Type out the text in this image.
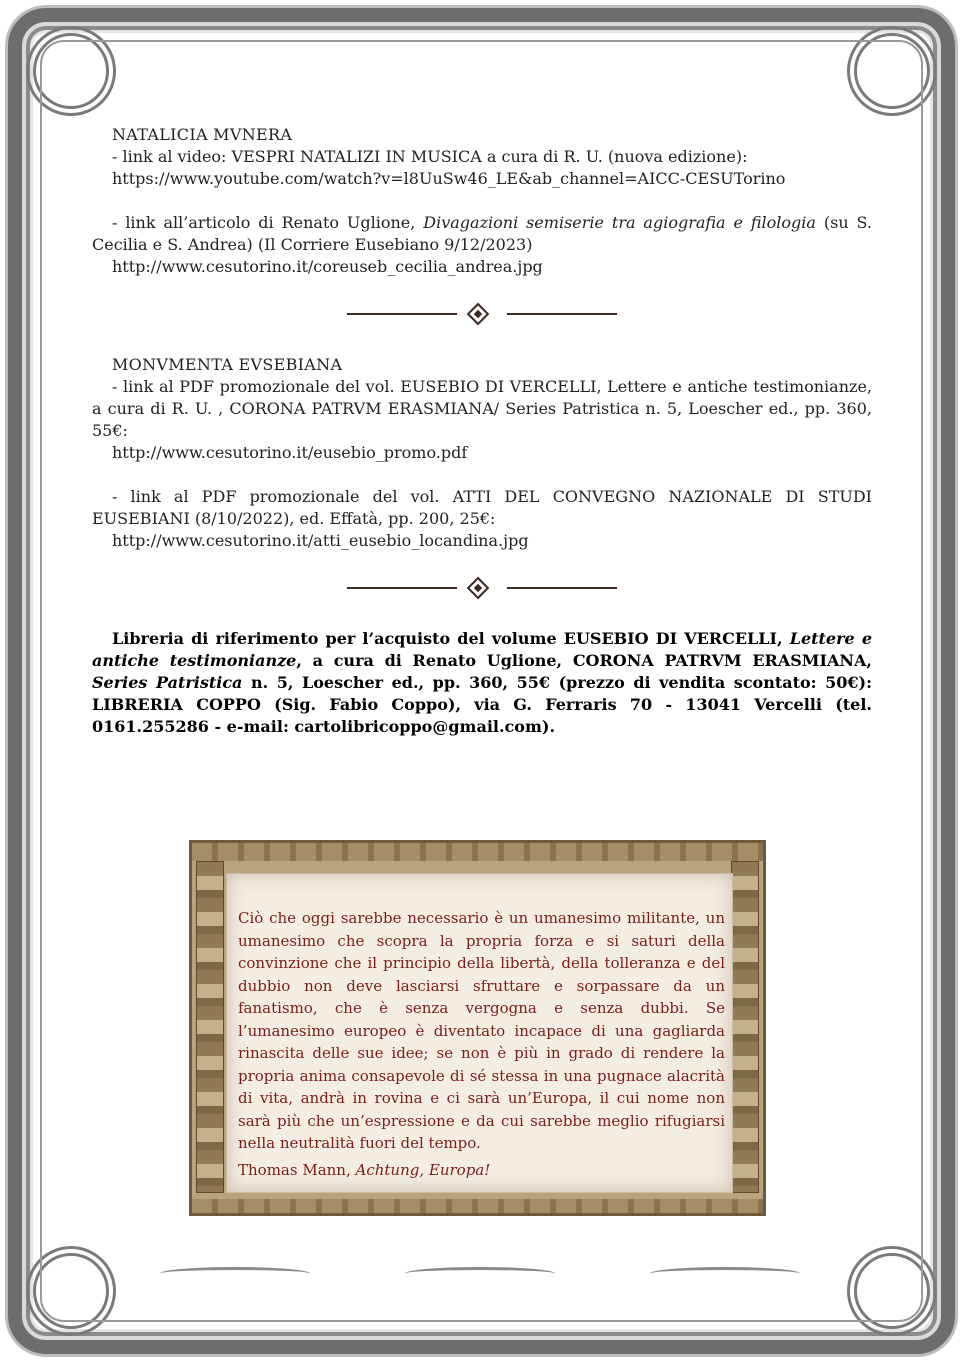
NATALICIA MVNERA

- link al video: VESPRI NATALIZI IN MUSICA a cura di R. U. (nuova edizione):

https://www.youtube.com/watch?v=l8UuSw46_LE&ab_channel=AICC-CESUTorino

- link all’articolo di Renato Uglione, Divagazioni semiserie tra agiografia e filologia (su S. Cecilia e S. Andrea) (Il Corriere Eusebiano 9/12/2023)

http://www.cesutorino.it/coreuseb_cecilia_andrea.jpg

MONVMENTA EVSEBIANA

- link al PDF promozionale del vol. EUSEBIO DI VERCELLI, Lettere e antiche testimonianze, a cura di R. U. , CORONA PATRVM ERASMIANA/ Series Patristica n. 5, Loescher ed., pp. 360, 55€:

http://www.cesutorino.it/eusebio_promo.pdf

- link al PDF promozionale del vol. ATTI DEL CONVEGNO NAZIONALE DI STUDI EUSEBIANI (8/10/2022), ed. Effatà, pp. 200, 25€:

http://www.cesutorino.it/atti_eusebio_locandina.jpg

Libreria di riferimento per l’acquisto del volume EUSEBIO DI VERCELLI, Lettere e antiche testimonianze, a cura di Renato Uglione, CORONA PATRVM ERASMIANA, Series Patristica n. 5, Loescher ed., pp. 360, 55€ (prezzo di vendita scontato: 50€): LIBRERIA COPPO (Sig. Fabio Coppo), via G. Ferraris 70 - 13041 Vercelli (tel. 0161.255286 - e-mail: cartolibricoppo@gmail.com).

Ciò che oggi sarebbe necessario è un umanesimo militante, un umanesimo che scopra la propria forza e si saturi della convinzione che il principio della libertà, della tolleranza e del dubbio non deve lasciarsi sfruttare e sorpassare da un fanatismo, che è senza vergogna e senza dubbi. Se l’umanesimo europeo è diventato incapace di una gagliarda rinascita delle sue idee; se non è più in grado di rendere la propria anima consapevole di sé stessa in una pugnace alacrità di vita, andrà in rovina e ci sarà un’Europa, il cui nome non sarà più che un’espressione e da cui sarebbe meglio rifugiarsi nella neutralità fuori del tempo.

Thomas Mann, Achtung, Europa!
